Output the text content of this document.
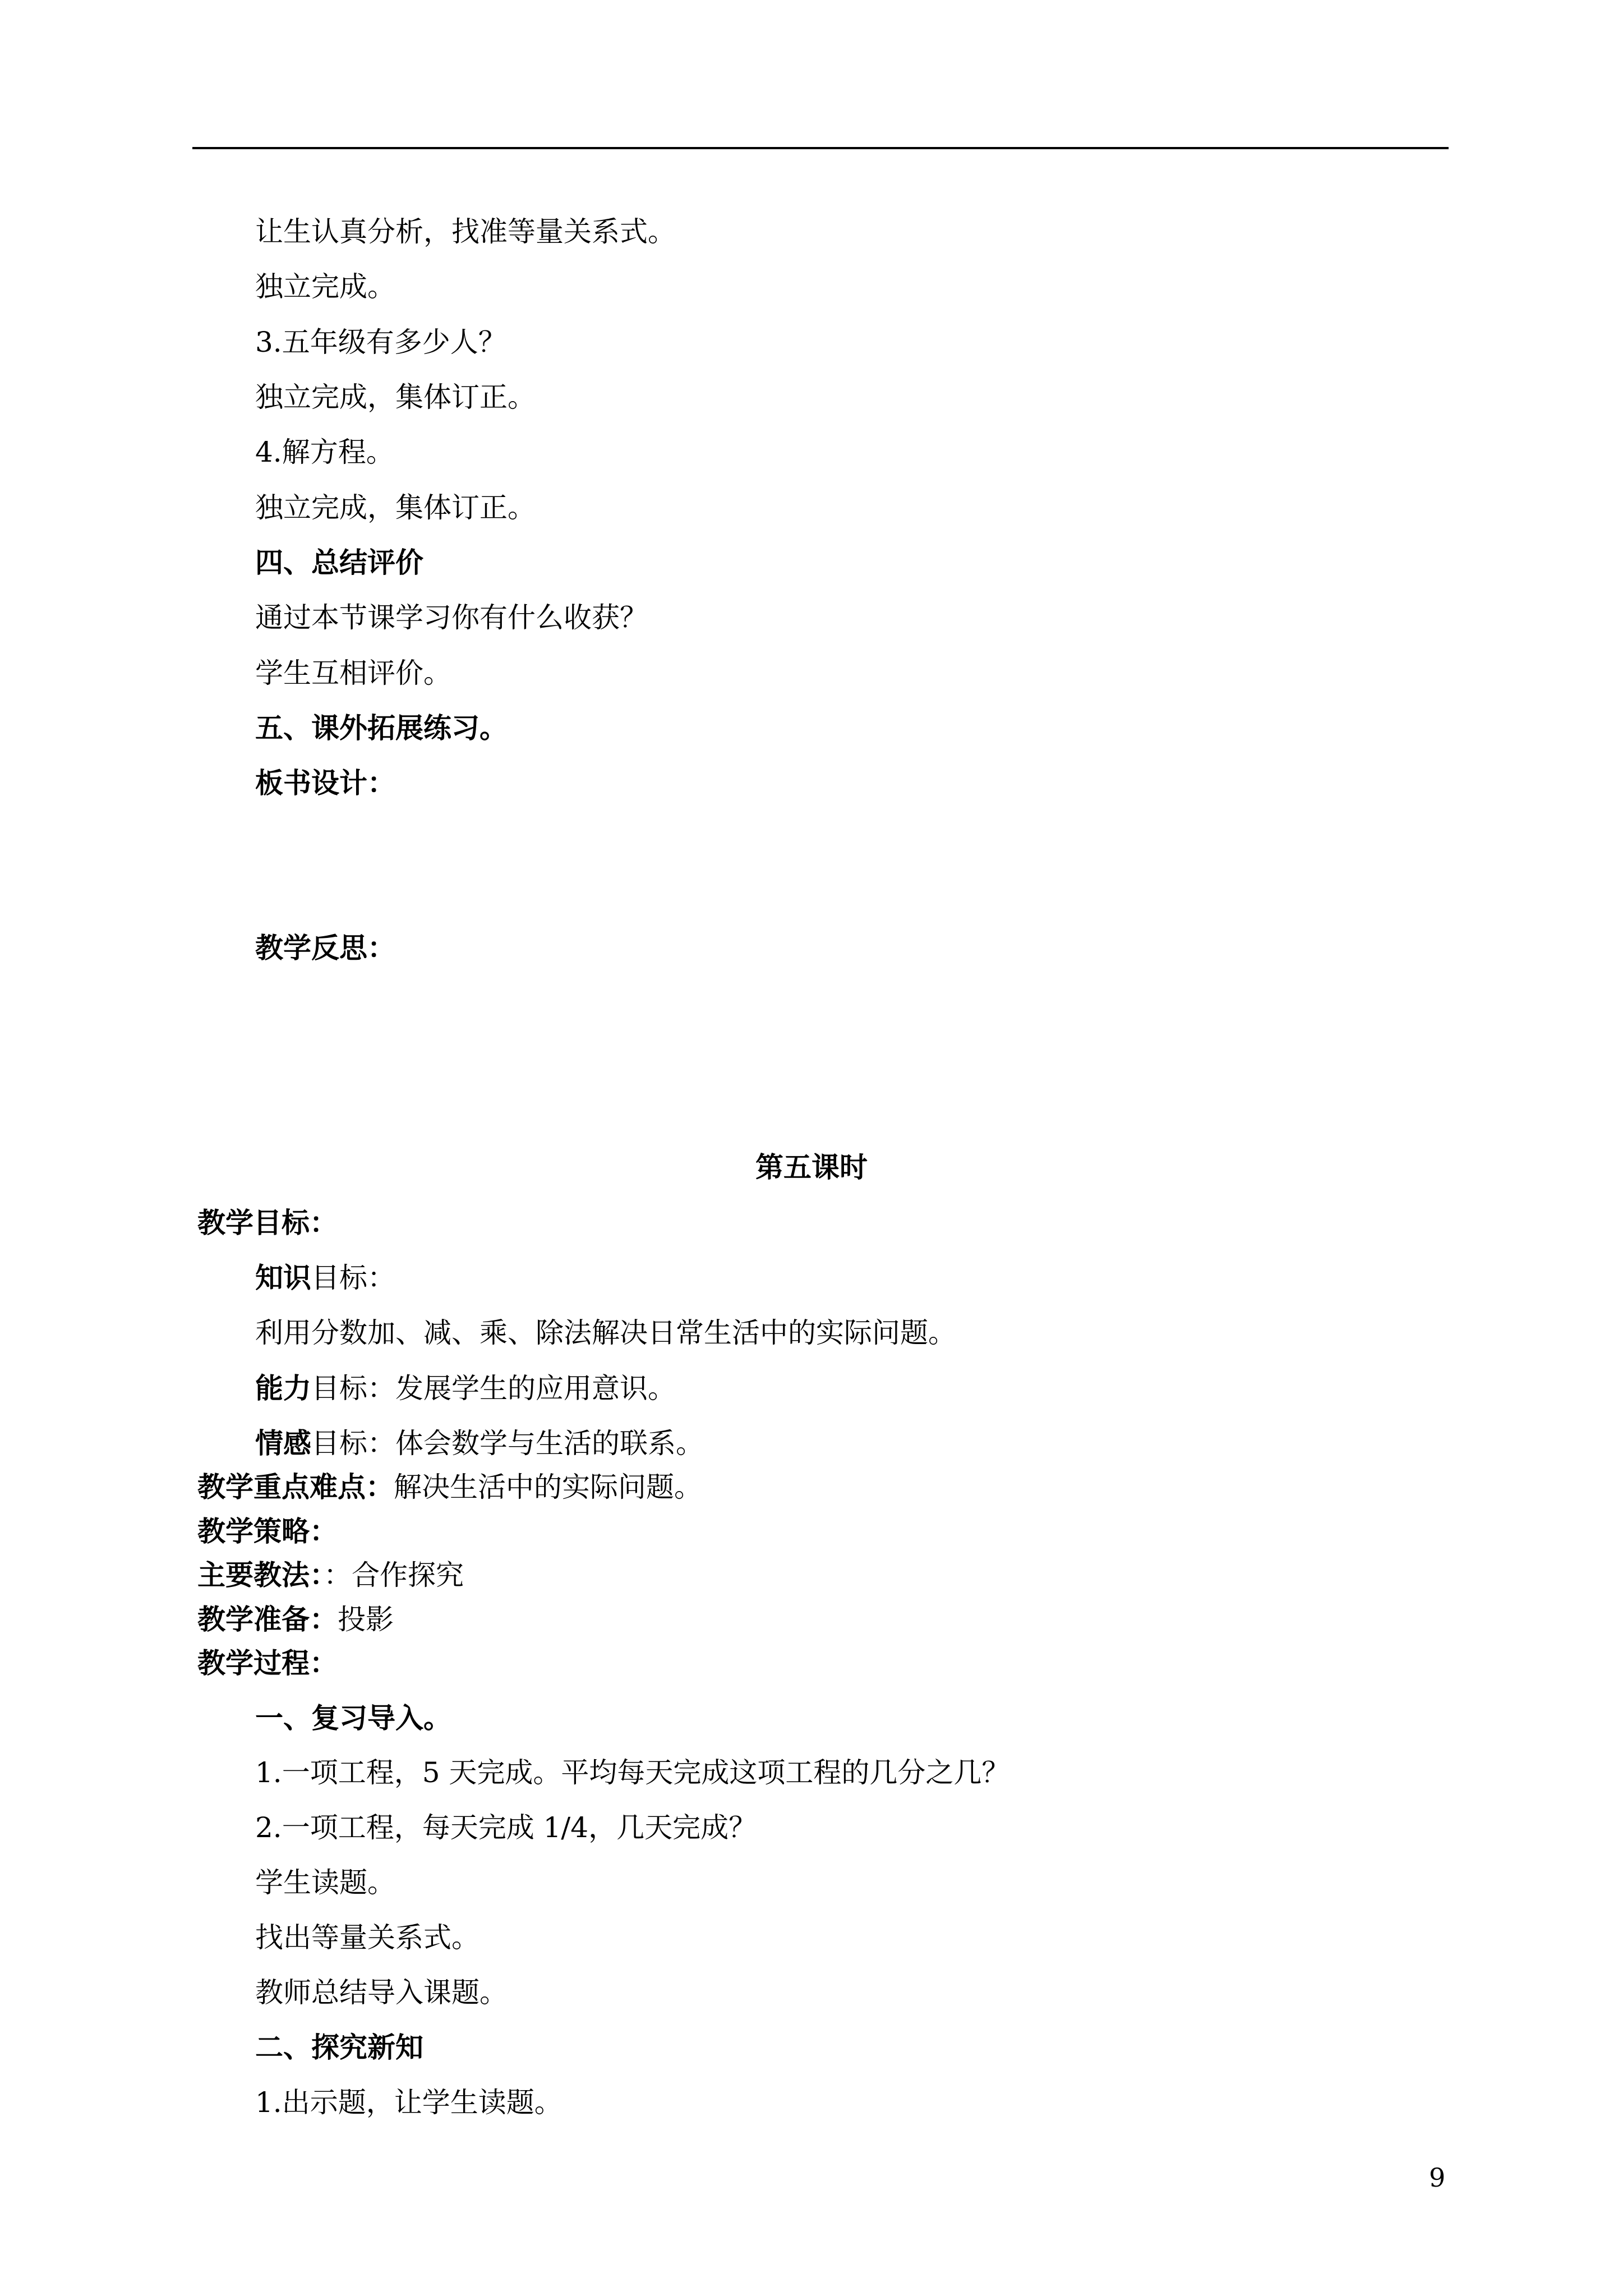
让生认真分析，找准等量关系式。
独立完成。
3.五年级有多少人？
独立完成，集体订正。
4.解方程。
独立完成，集体订正。
四、总结评价
通过本节课学习你有什么收获？
学生互相评价。
五、课外拓展练习。
板书设计：
教学反思：
第五课时
教学目标：
知识目标：
利用分数加、减、乘、除法解决日常生活中的实际问题。
能力目标：发展学生的应用意识。
情感目标：体会数学与生活的联系。
教学重点难点：解决生活中的实际问题。
教学策略：
主要教法：：合作探究
教学准备：投影
教学过程：
一、复习导入。
1.一项工程，5 天完成。平均每天完成这项工程的几分之几？
2.一项工程，每天完成 1/4，几天完成？
学生读题。
找出等量关系式。
教师总结导入课题。
二、探究新知
1.出示题，让学生读题。
9
